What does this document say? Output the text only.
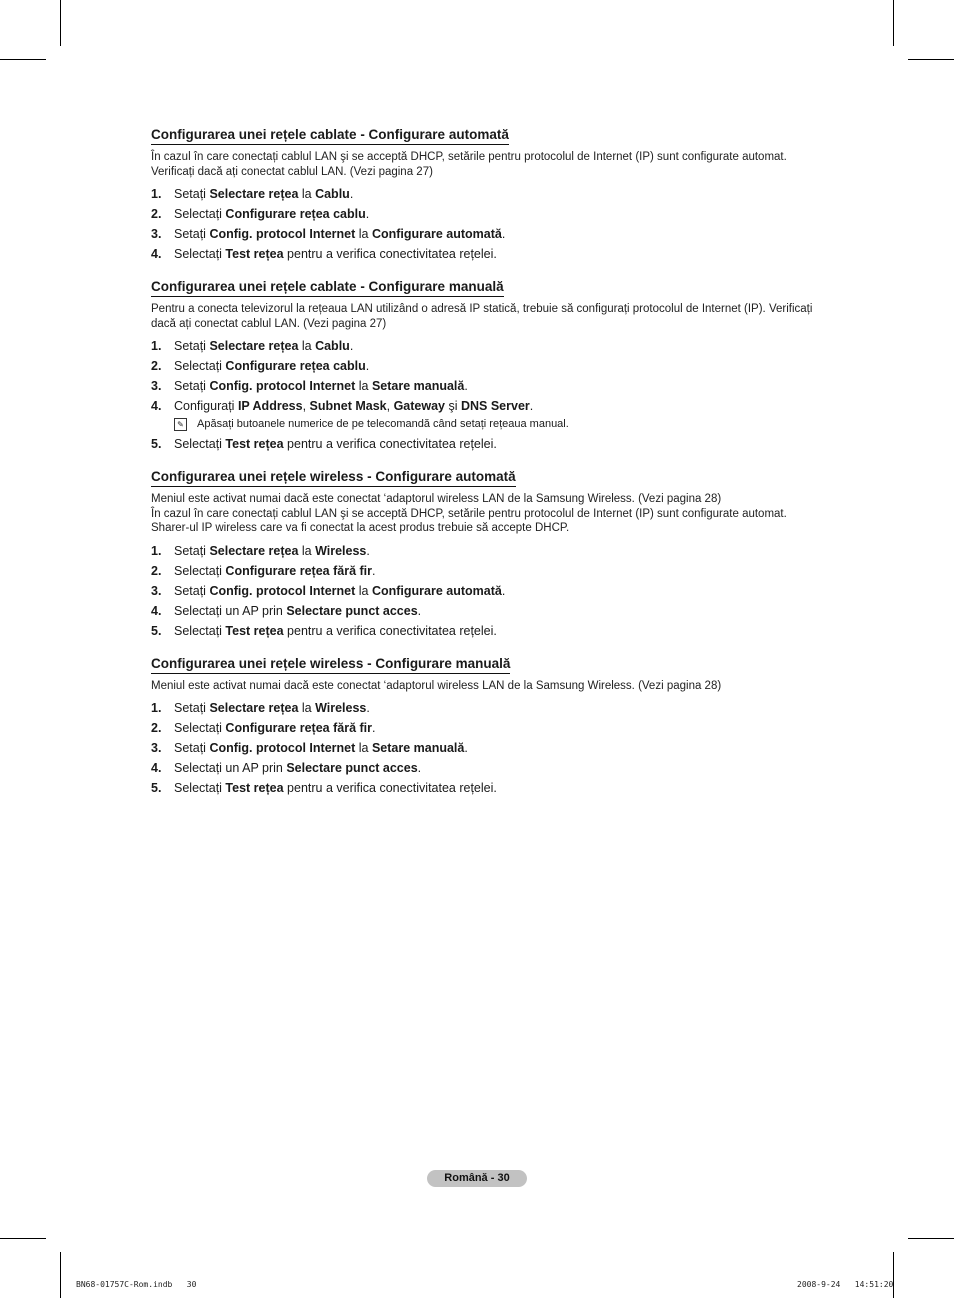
Configurarea unei rețele cablate - Configurare automată

În cazul în care conectați cablul LAN şi se acceptă DHCP, setările pentru protocolul de Internet (IP) sunt configurate automat.

Verificați dacă ați conectat cablul LAN. (Vezi pagina 27)

1.	Setați Selectare rețea la Cablu.
2.	Selectați Configurare rețea cablu.
3.	Setați Config. protocol Internet la Configurare automată.
4.	Selectați Test rețea pentru a verifica conectivitatea rețelei.
Configurarea unei rețele cablate - Configurare manuală

Pentru a conecta televizorul la rețeaua LAN utilizând o adresă IP statică, trebuie să configurați protocolul de Internet (IP). Verificați dacă ați conectat cablul LAN. (Vezi pagina 27)

1.	Setați Selectare rețea la Cablu.
2.	Selectați Configurare rețea cablu.
3.	Setați Config. protocol Internet la Setare manuală.
4.	Configurați IP Address, Subnet Mask, Gateway şi DNS Server.
✎ Apăsați butoanele numerice de pe telecomandă când setați rețeaua manual.
5.	Selectați Test rețea pentru a verifica conectivitatea rețelei.
Configurarea unei rețele wireless - Configurare automată

Meniul este activat numai dacă este conectat ‘adaptorul wireless LAN de la Samsung Wireless. (Vezi pagina 28)

În cazul în care conectați cablul LAN şi se acceptă DHCP, setările pentru protocolul de Internet (IP) sunt configurate automat.

Sharer-ul IP wireless care va fi conectat la acest produs trebuie să accepte DHCP.

1.	Setați Selectare rețea la Wireless.
2.	Selectați Configurare rețea fără fir.
3.	Setați Config. protocol Internet la Configurare automată.
4.	Selectați un AP prin Selectare punct acces.
5.	Selectați Test rețea pentru a verifica conectivitatea rețelei.
Configurarea unei rețele wireless - Configurare manuală

Meniul este activat numai dacă este conectat ‘adaptorul wireless LAN de la Samsung Wireless. (Vezi pagina 28)

1.	Setați Selectare rețea la Wireless.
2.	Selectați Configurare rețea fără fir.
3.	Setați Config. protocol Internet la Setare manuală.
4.	Selectați un AP prin Selectare punct acces.
5.	Selectați Test rețea pentru a verifica conectivitatea rețelei.
Română - 30
BN68-01757C-Rom.indb   30	2008-9-24   14:51:20
